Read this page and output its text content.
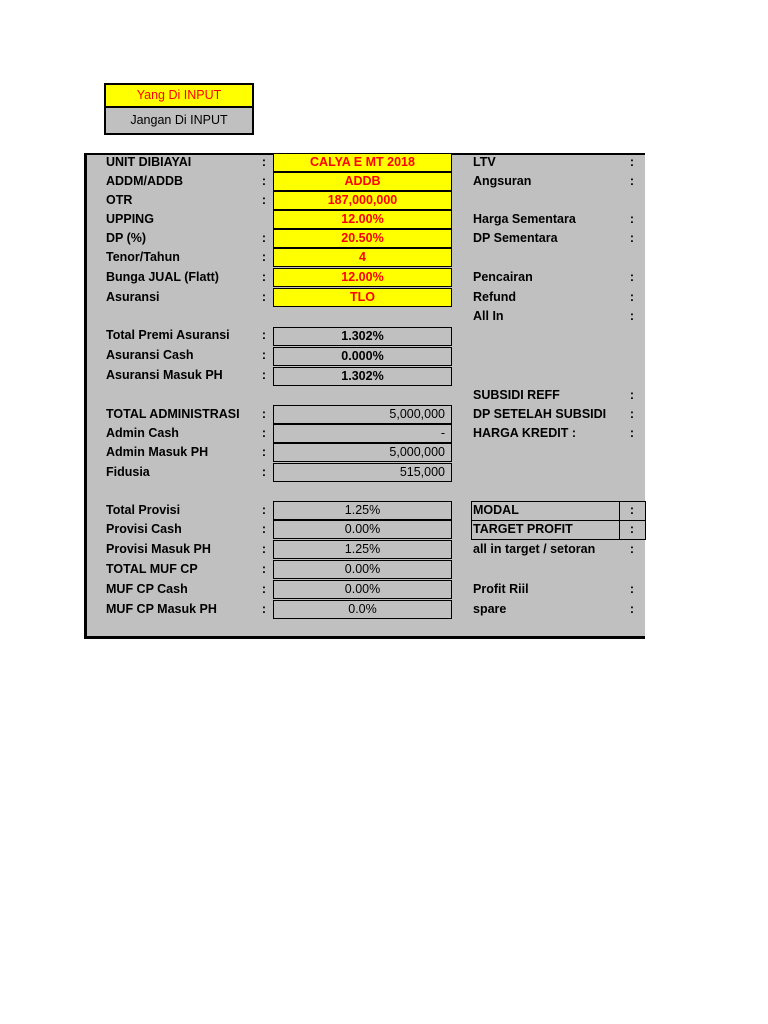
Yang Di INPUT
Jangan Di INPUT
UNIT DIBIAYAI	:	CALYA E MT 2018
ADDM/ADDB	:	ADDB
OTR	:	187,000,000
UPPING	12.00%
DP (%)	:	20.50%
Tenor/Tahun	:	4
Bunga JUAL (Flatt)	:	12.00%
Asuransi	:	TLO
Total Premi Asuransi	:	1.302%
Asuransi Cash	:	0.000%
Asuransi Masuk PH	:	1.302%
TOTAL ADMINISTRASI :	5,000,000
Admin Cash	:	-
Admin Masuk PH	:	5,000,000
Fidusia	:	515,000
Total Provisi	:	1.25%
Provisi Cash	:	0.00%
Provisi Masuk PH	:	1.25%
TOTAL MUF CP	:	0.00%
MUF CP Cash	:	0.00%
MUF CP Masuk PH	:	0.0%
LTV	:
Angsuran	:
Harga Sementara	:
DP Sementara	:
Pencairan	:
Refund	:
All In	:
SUBSIDI REFF	:
DP SETELAH SUBSIDI :
HARGA KREDIT :	:
MODAL	:
TARGET PROFIT	:
all in target / setoran	:
Profit Riil	:
spare	:
